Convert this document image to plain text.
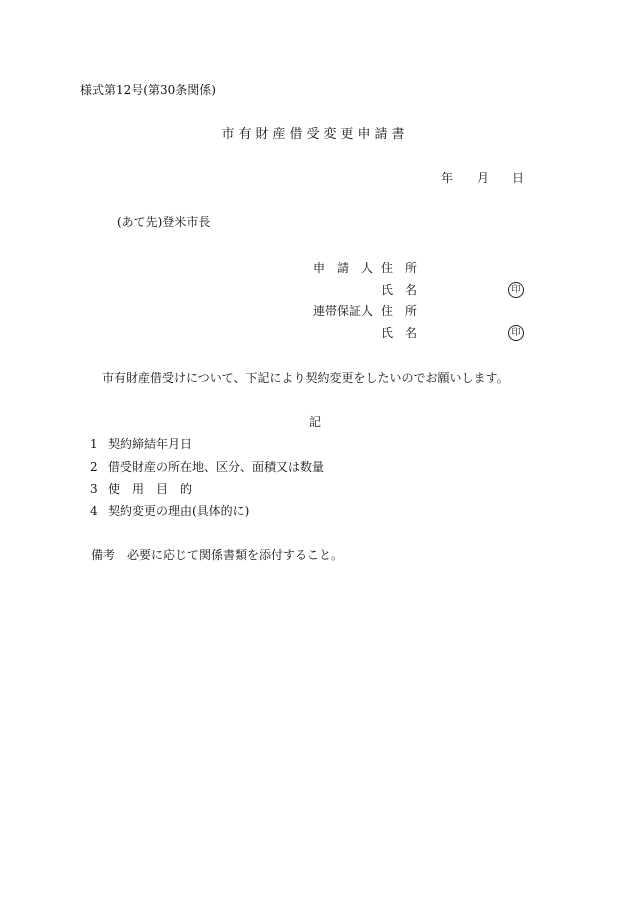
様式第12号(第30条関係)
市有財産借受変更申請書
年 月 日
(あて先)登米市長
申　請　人 住　所
氏　名	印
連帯保証人 住　所
氏　名	印
市有財産借受けについて、下記により契約変更をしたいのでお願いします。
記
1 契約締結年月日
2 借受財産の所在地、区分、面積又は数量
3 使　用　目　的
4 契約変更の理由(具体的に)
備考　必要に応じて関係書類を添付すること。
